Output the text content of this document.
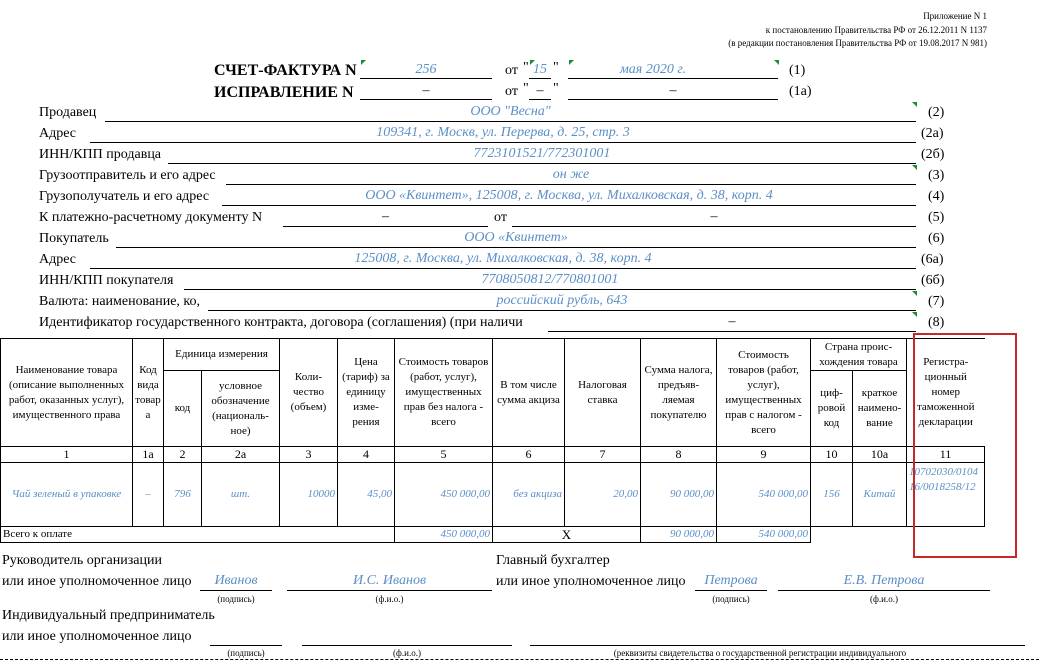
Приложение N 1
к постановлению Правительства РФ от 26.12.2011 N 1137
(в редакции постановления Правительства РФ от 19.08.2017 N 981)
СЧЕТ-ФАКТУРА N	256	от " 15 "	мая 2020 г.	(1)
ИСПРАВЛЕНИЕ N	–	от " – "	–	(1а)
Продавец	ООО "Весна"	(2)
Адрес	109341, г. Москв, ул. Перерва, д. 25, стр. 3	(2а)
ИНН/КПП продавца	7723101521/772301001	(2б)
Грузоотправитель и его адрес	он же	(3)
Грузополучатель и его адрес	ООО «Квинтет», 125008, г. Москва, ул. Михалковская, д. 38, корп. 4	(4)
К платежно-расчетному документу N	–	от	–	(5)
Покупатель	ООО «Квинтет»	(6)
Адрес	125008, г. Москва, ул. Михалковская, д. 38, корп. 4	(6а)
ИНН/КПП покупателя	7708050812/770801001	(6б)
Валюта: наименование, ко,	российский рубль, 643	(7)
Идентификатор государственного контракта, договора (соглашения) (при наличи	–	(8)
Наименование товара (описание выполненных работ, оказанных услуг), имущественного права	Код вида товар а	Единица измерения		Коли- чество (объем)	Цена (тариф) за единицу изме- рения	Стоимость товаров (работ, услуг), имущественных прав без налога - всего	В том числе сумма акциза	Налоговая ставка	Сумма налога, предъяв- ляемая покупателю	Стоимость товаров (работ, услуг), имущественных прав с налогом - всего	Страна проис- хождения товара		Регистра- ционный номер таможенной декларации
		код	условное обозначение (националь- ное)								циф- ровой код	краткое наимено- вание	
1	1а	2	2а	3	4	5	6	7	8	9	10	10а	11
Чай зеленый в упаковке	–	796	шт.	10000	45,00	450 000,00	без акциза	20,00	90 000,00	540 000,00	156	Китай	10702030/010416/0018258/12
Всего к оплате						450 000,00	X		90 000,00	540 000,00			
Руководитель организации
или иное уполномоченное лицо	Иванов
(подпись)
И.С. Иванов
(ф.и.о.)
Главный бухгалтер
или иное уполномоченное лицо	Петрова
(подпись)
Е.В. Петрова
(ф.и.о.)
Индивидуальный предприниматель
или иное уполномоченное лицо
(подпись)	(ф.и.о.)	(реквизиты свидетельства о государственной регистрации индивидуального
